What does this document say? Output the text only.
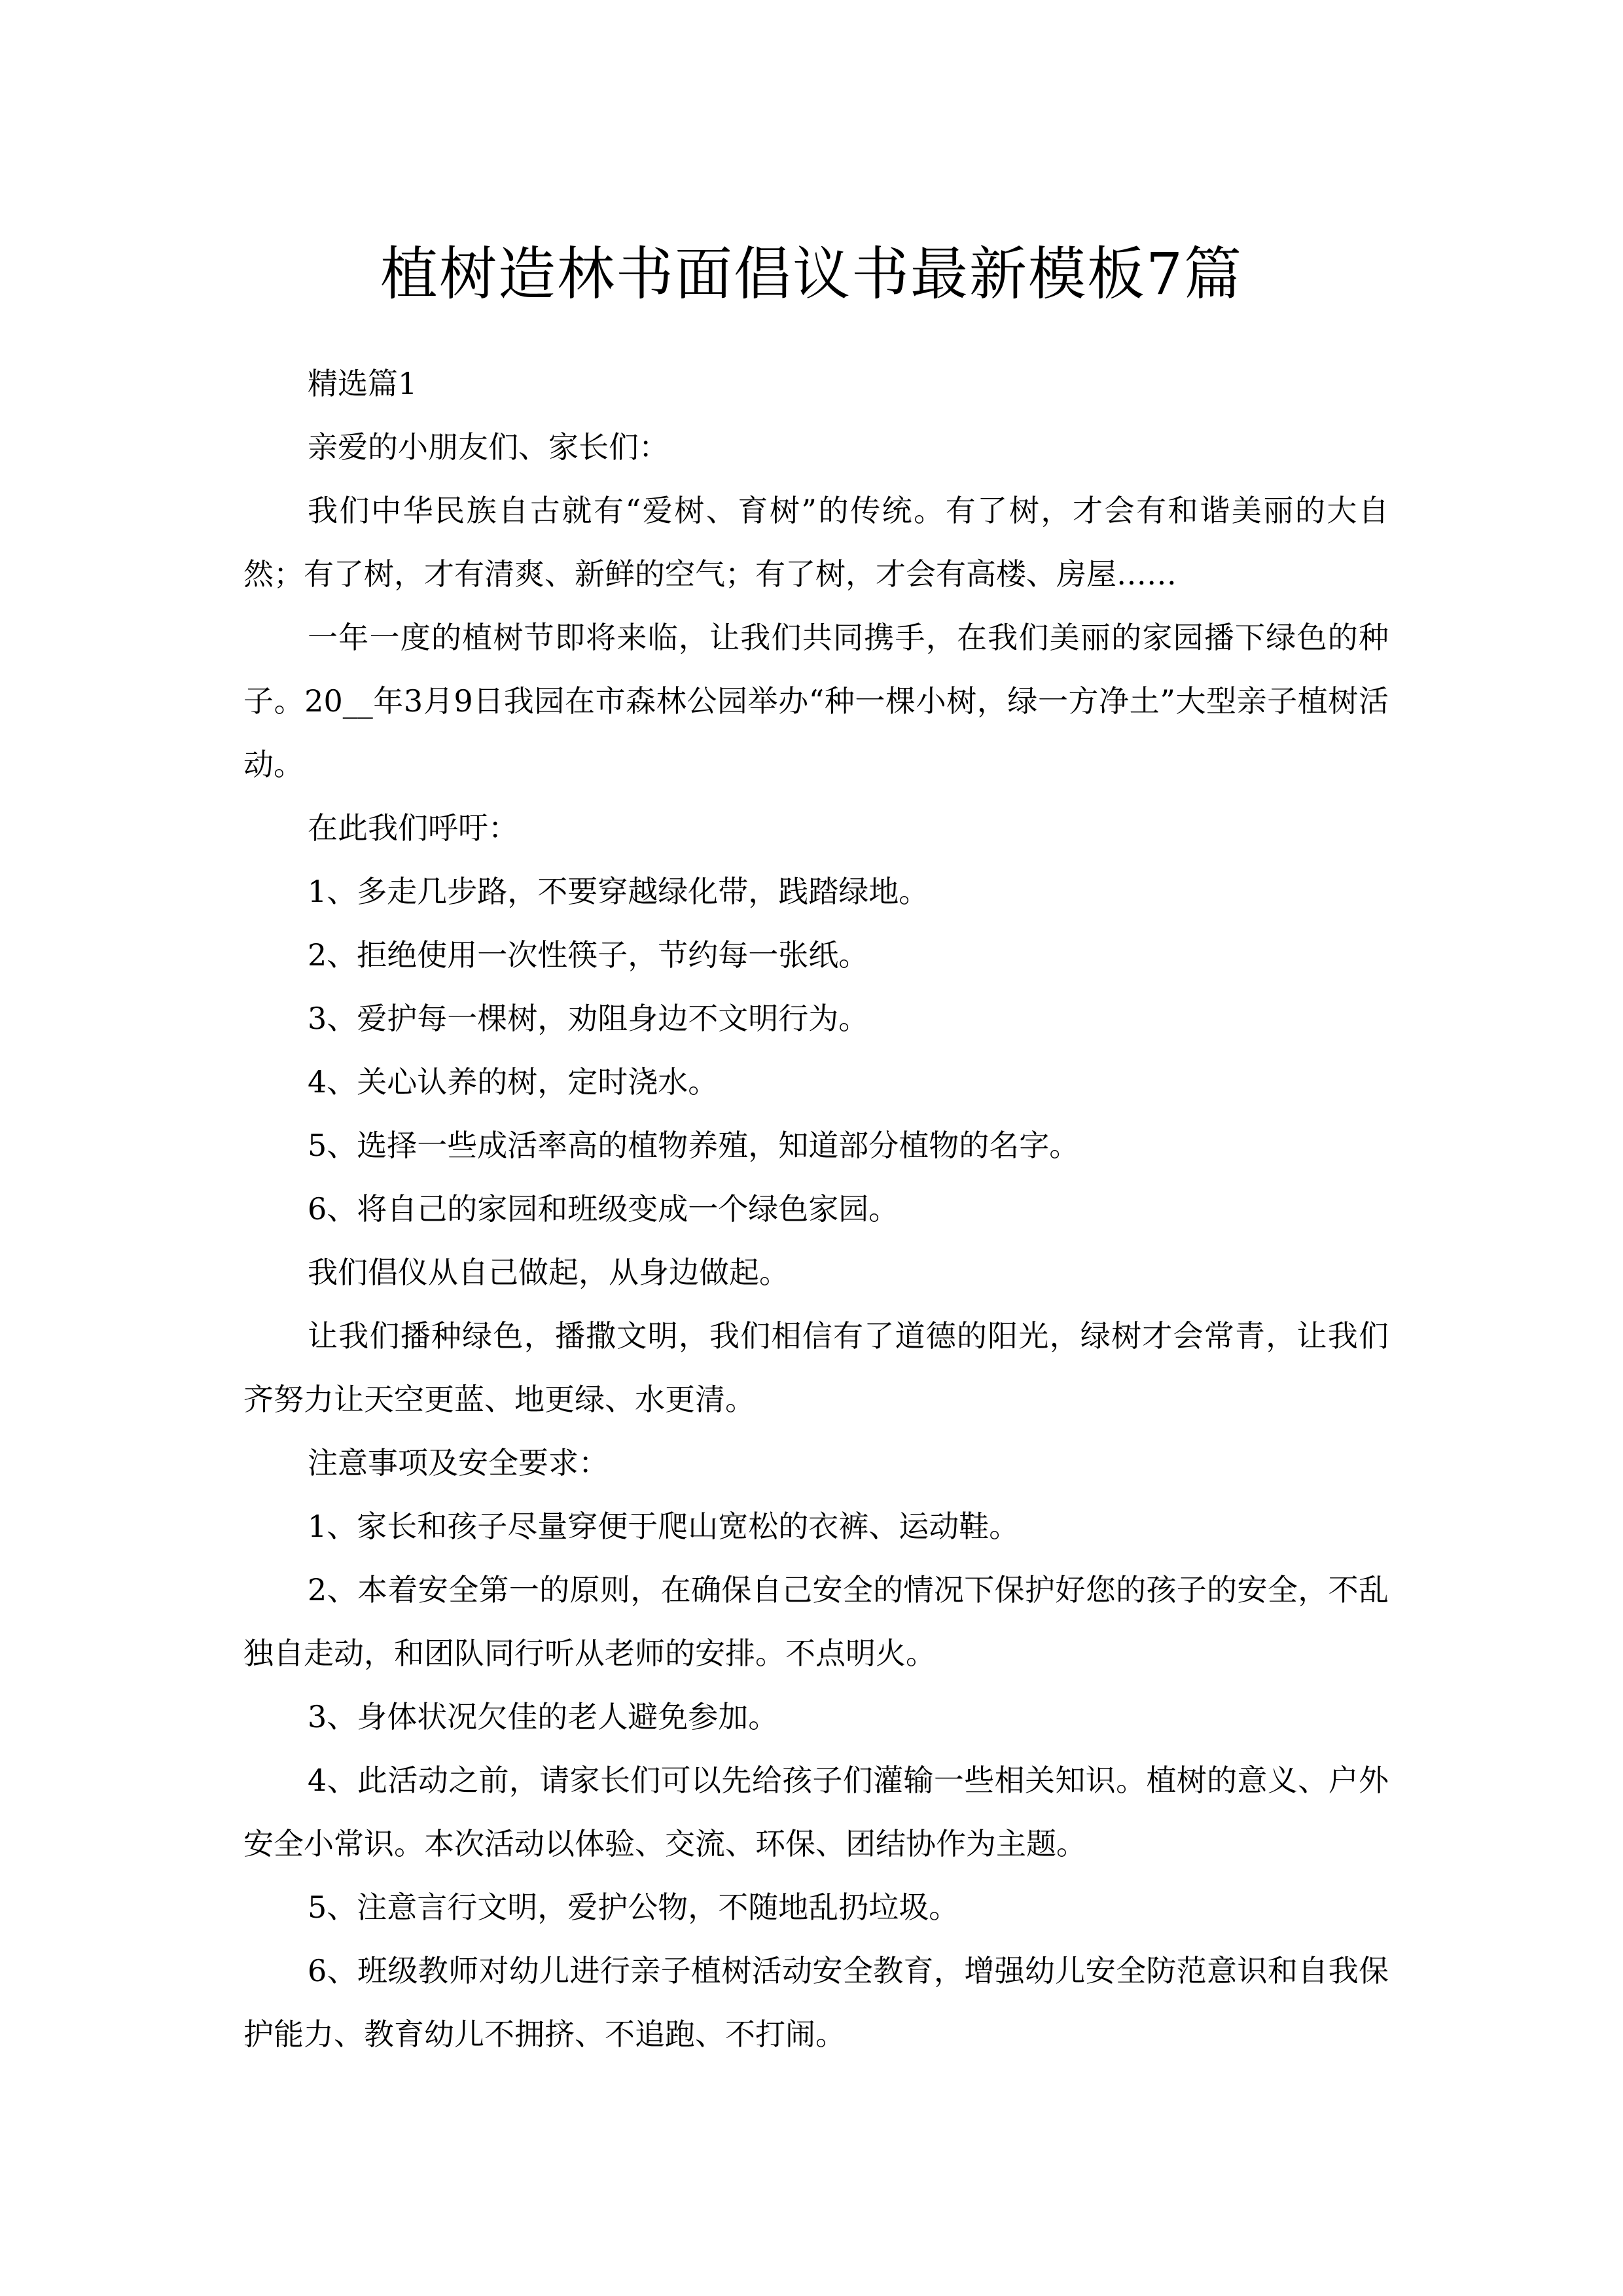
植树造林书面倡议书最新模板7篇

精选篇1

亲爱的小朋友们、家长们：

我们中华民族自古就有“爱树、育树”的传统。有了树，才会有和谐美丽的大自然；有了树，才有清爽、新鲜的空气；有了树，才会有高楼、房屋……

一年一度的植树节即将来临，让我们共同携手，在我们美丽的家园播下绿色的种子。20__年3月9日我园在市森林公园举办“种一棵小树，绿一方净土”大型亲子植树活动。

在此我们呼吁：

1、多走几步路，不要穿越绿化带，践踏绿地。

2、拒绝使用一次性筷子，节约每一张纸。

3、爱护每一棵树，劝阻身边不文明行为。

4、关心认养的树，定时浇水。

5、选择一些成活率高的植物养殖，知道部分植物的名字。

6、将自己的家园和班级变成一个绿色家园。

我们倡仪从自己做起，从身边做起。

让我们播种绿色，播撒文明，我们相信有了道德的阳光，绿树才会常青，让我们齐努力让天空更蓝、地更绿、水更清。

注意事项及安全要求：

1、家长和孩子尽量穿便于爬山宽松的衣裤、运动鞋。

2、本着安全第一的原则，在确保自己安全的情况下保护好您的孩子的安全，不乱独自走动，和团队同行听从老师的安排。不点明火。

3、身体状况欠佳的老人避免参加。

4、此活动之前，请家长们可以先给孩子们灌输一些相关知识。植树的意义、户外安全小常识。本次活动以体验、交流、环保、团结协作为主题。

5、注意言行文明，爱护公物，不随地乱扔垃圾。

6、班级教师对幼儿进行亲子植树活动安全教育，增强幼儿安全防范意识和自我保护能力、教育幼儿不拥挤、不追跑、不打闹。
